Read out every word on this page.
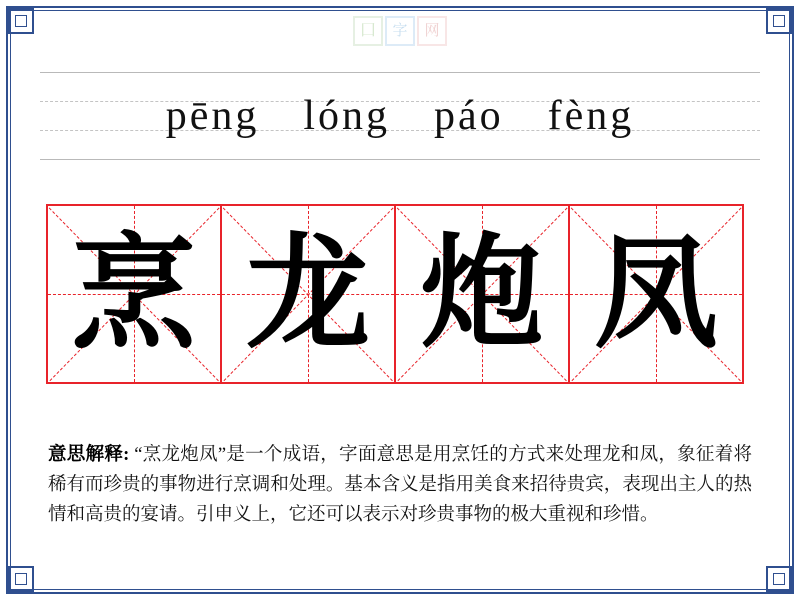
囗	字	网
pēng lóng páo fèng
烹 龙 炮 凤
意思解释: “烹龙炮凤”是一个成语，字面意思是用烹饪的方式来处理龙和凤，象征着将稀有而珍贵的事物进行烹调和处理。基本含义是指用美食来招待贵宾，表现出主人的热情和高贵的宴请。引申义上，它还可以表示对珍贵事物的极大重视和珍惜。
